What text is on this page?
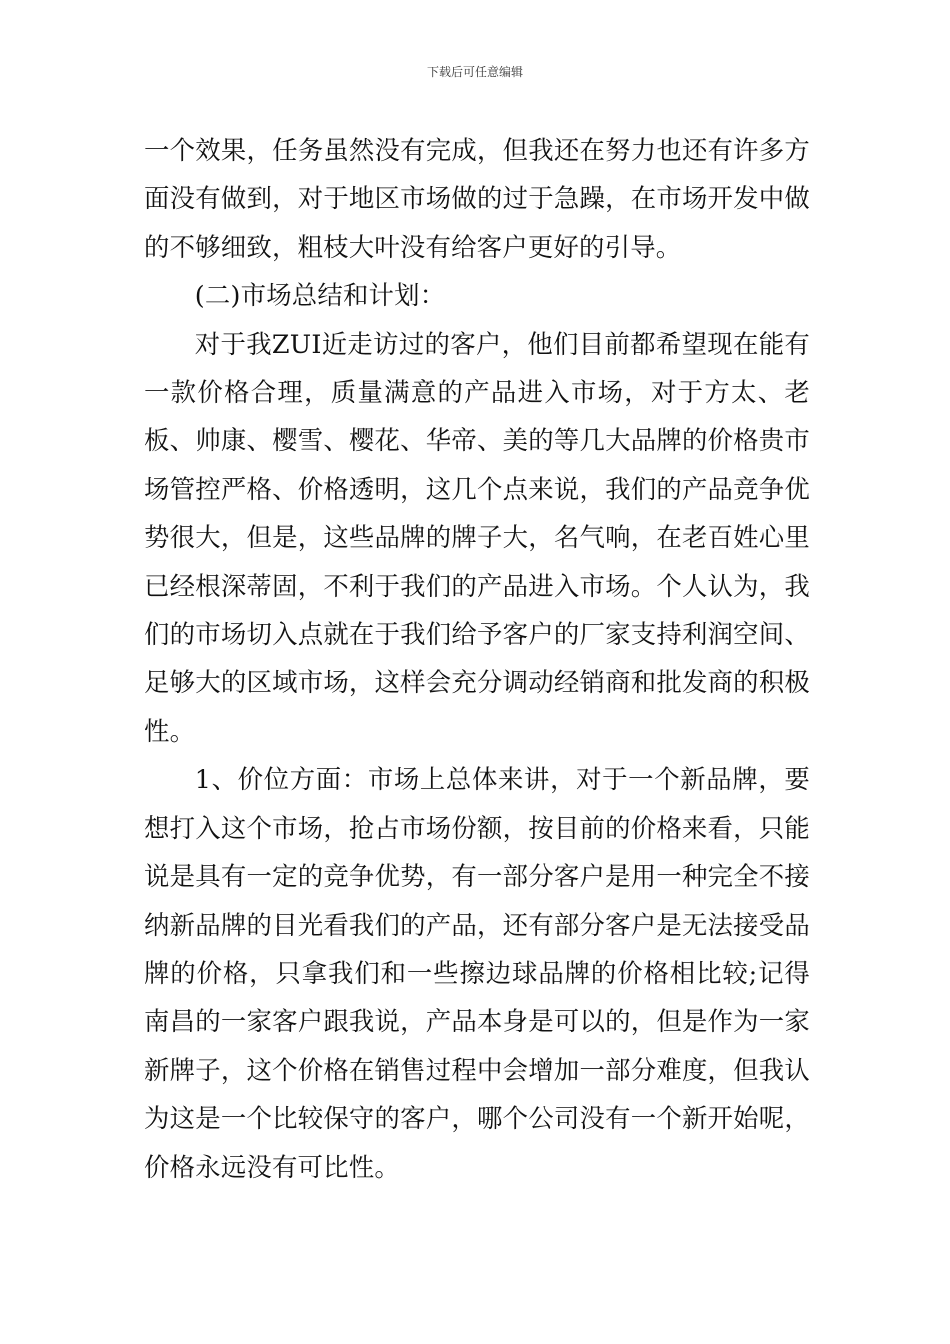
下载后可任意编辑

一个效果，任务虽然没有完成，但我还在努力也还有许多方面没有做到，对于地区市场做的过于急躁，在市场开发中做的不够细致，粗枝大叶没有给客户更好的引导。

(二)市场总结和计划：

对于我ZUI近走访过的客户，他们目前都希望现在能有一款价格合理，质量满意的产品进入市场，对于方太、老板、帅康、樱雪、樱花、华帝、美的等几大品牌的价格贵市场管控严格、价格透明，这几个点来说，我们的产品竞争优势很大，但是，这些品牌的牌子大，名气响，在老百姓心里已经根深蒂固，不利于我们的产品进入市场。个人认为，我们的市场切入点就在于我们给予客户的厂家支持利润空间、足够大的区域市场，这样会充分调动经销商和批发商的积极性。

1、价位方面：市场上总体来讲，对于一个新品牌，要想打入这个市场，抢占市场份额，按目前的价格来看，只能说是具有一定的竞争优势，有一部分客户是用一种完全不接纳新品牌的目光看我们的产品，还有部分客户是无法接受品牌的价格，只拿我们和一些擦边球品牌的价格相比较;记得南昌的一家客户跟我说，产品本身是可以的，但是作为一家新牌子，这个价格在销售过程中会增加一部分难度，但我认为这是一个比较保守的客户，哪个公司没有一个新开始呢，价格永远没有可比性。
